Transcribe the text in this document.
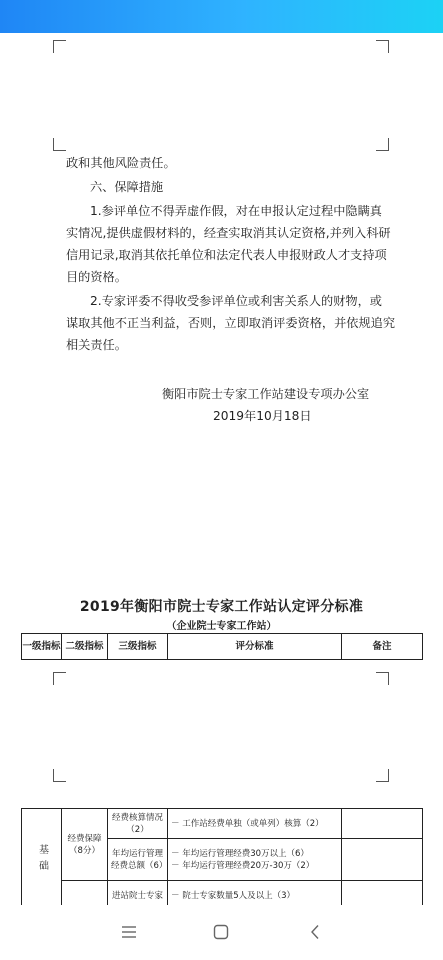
政和其他风险责任。
六、保障措施
1.参评单位不得弄虚作假，对在申报认定过程中隐瞒真
实情况,提供虚假材料的，经查实取消其认定资格,并列入科研
信用记录,取消其依托单位和法定代表人申报财政人才支持项
目的资格。
2.专家评委不得收受参评单位或利害关系人的财物，或
谋取其他不正当利益，否则，立即取消评委资格，并依规追究
相关责任。
衡阳市院士专家工作站建设专项办公室
2019年10月18日
2019年衡阳市院士专家工作站认定评分标准
（企业院士专家工作站）
一级指标	二级指标	三级指标	评分标准	备注
基础	经费保障（8分）	经费核算情况（2）	－ 工作站经费单独（或单列）核算（2）	
		年均运行管理经费总额（6）	－ 年均运行管理经费30万以上（6）
－ 年均运行管理经费20万-30万（2）	

		进站院士专家	－ 院士专家数量5人及以上（3）	
